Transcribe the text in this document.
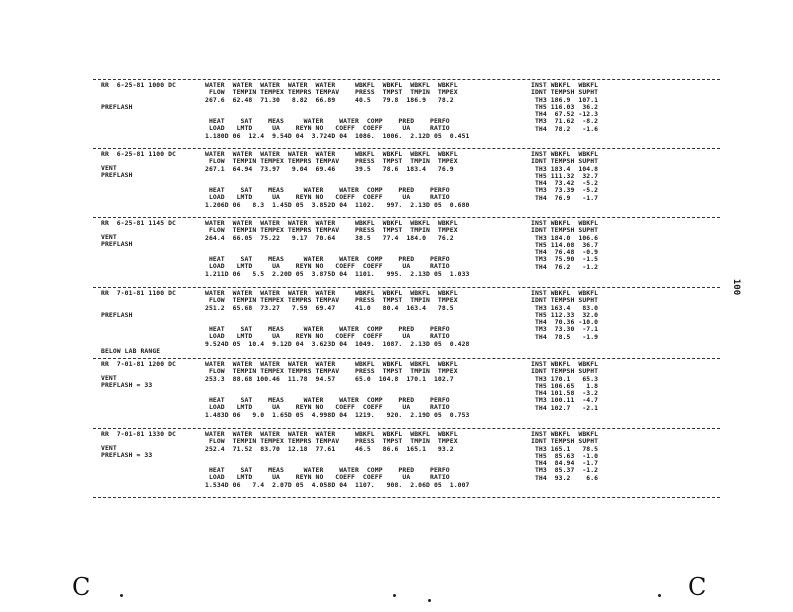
RR  6-25-81 1000 DC

PREFLASH
WATER  WATER  WATER  WATER  WATER     WBKFL  WBKFL  WBKFL  WBKFL
FLOW  TEMPIN TEMPEX TEMPRS TEMPAV    PRESS  TMPST  TMPIN  TMPEX
267.6  62.48  71.30   8.82  66.89     40.5   79.8  186.9   78.2
HEAT    SAT    MEAS     WATER    WATER  COMP    PRED    PERFO
LOAD   LMTD     UA    REYN NO   COEFF  COEFF     UA     RATIO
1.180D 06  12.4  9.54D 04  3.724D 04  1086.  1006.  2.12D 05  0.451
INST WBKFL  WBKFL
IDNT TEMPSH SUPHT
TH3 186.9  107.1
TH5 116.03  36.2
TH4  67.52 -12.3
TM3  71.62  -8.2
TH4  78.2   -1.6
RR  6-25-81 1100 DC
VENT
PREFLASH
WATER  WATER  WATER  WATER  WATER     WBKFL  WBKFL  WBKFL  WBKFL
FLOW  TEMPIN TEMPEX TEMPRS TEMPAV    PRESS  TMPST  TMPIN  TMPEX
267.1  64.94  73.97   9.04  69.46     39.5   78.6  183.4   76.9
HEAT    SAT    MEAS     WATER    WATER  COMP    PRED    PERFO
LOAD   LMTD     UA    REYN NO   COEFF  COEFF     UA     RATIO
1.206D 06   8.3  1.45D 05  3.852D 04  1102.   997.  2.13D 05  0.680
INST WBKFL  WBKFL
IDNT TEMPSH SUPHT
TH3 183.4  104.8
TH5 111.32  32.7
TH4  73.42  -5.2
TM3  73.39  -5.2
TH4  76.9   -1.7
RR  6-25-81 1145 DC
VENT
PREFLASH
WATER  WATER  WATER  WATER  WATER     WBKFL  WBKFL  WBKFL  WBKFL
FLOW  TEMPIN TEMPEX TEMPRS TEMPAV    PRESS  TMPST  TMPIN  TMPEX
264.4  66.05  75.22   9.17  70.64     38.5   77.4  184.0   76.2
HEAT    SAT    MEAS     WATER    WATER  COMP    PRED    PERFO
LOAD   LMTD     UA    REYN NO   COEFF  COEFF     UA     RATIO
1.211D 06   5.5  2.20D 05  3.875D 04  1101.   995.  2.13D 05  1.033
INST WBKFL  WBKFL
IDNT TEMPSH SUPHT
TH3 184.0  106.6
TH5 114.08  36.7
TH4  76.48  -0.9
TM3  75.90  -1.5
TH4  76.2   -1.2
RR  7-01-81 1100 DC

PREFLASH

BELOW LAB RANGE
WATER  WATER  WATER  WATER  WATER     WBKFL  WBKFL  WBKFL  WBKFL
FLOW  TEMPIN TEMPEX TEMPRS TEMPAV    PRESS  TMPST  TMPIN  TMPEX
251.2  65.68  73.27   7.59  69.47     41.0   80.4  163.4   78.5
HEAT    SAT    MEAS     WATER    WATER  COMP    PRED    PERFO
LOAD   LMTD     UA    REYN NO   COEFF  COEFF     UA     RATIO
9.524D 05  10.4  9.12D 04  3.623D 04  1049.  1087.  2.13D 05  0.428
INST WBKFL  WBKFL
IDNT TEMPSH SUPHT
TH3 163.4   83.0
TH5 112.33  32.0
TH4  70.36 -10.0
TM3  73.30  -7.1
TH4  78.5   -1.9
RR  7-01-81 1200 DC
VENT
PREFLASH = 33
WATER  WATER  WATER  WATER  WATER     WBKFL  WBKFL  WBKFL  WBKFL
FLOW  TEMPIN TEMPEX TEMPRS TEMPAV    PRESS  TMPST  TMPIN  TMPEX
253.3  88.68 100.46  11.78  94.57     65.0  104.8  170.1  102.7
HEAT    SAT    MEAS     WATER    WATER  COMP    PRED    PERFO
LOAD   LMTD     UA    REYN NO   COEFF  COEFF     UA     RATIO
1.483D 06   9.0  1.65D 05  4.998D 04  1219.   920.  2.19D 05  0.753
INST WBKFL  WBKFL
IDNT TEMPSH SUPHT
TH3 170.1   65.3
TH5 106.65   1.8
TH4 101.58  -3.2
TM3 100.11  -4.7
TH4 102.7   -2.1
RR  7-01-81 1330 DC
VENT
PREFLASH = 33
WATER  WATER  WATER  WATER  WATER     WBKFL  WBKFL  WBKFL  WBKFL
FLOW  TEMPIN TEMPEX TEMPRS TEMPAV    PRESS  TMPST  TMPIN  TMPEX
252.4  71.52  83.70  12.18  77.61     46.5   86.6  165.1   93.2
HEAT    SAT    MEAS     WATER    WATER  COMP    PRED    PERFO
LOAD   LMTD     UA    REYN NO   COEFF  COEFF     UA     RATIO
1.534D 06   7.4  2.07D 05  4.058D 04  1107.   908.  2.06D 05  1.007
INST WBKFL  WBKFL
IDNT TEMPSH SUPHT
TH3 165.1   78.5
TH5  85.63  -1.0
TH4  84.94  -1.7
TM3  85.37  -1.2
TH4  93.2    6.6
100
C	C
